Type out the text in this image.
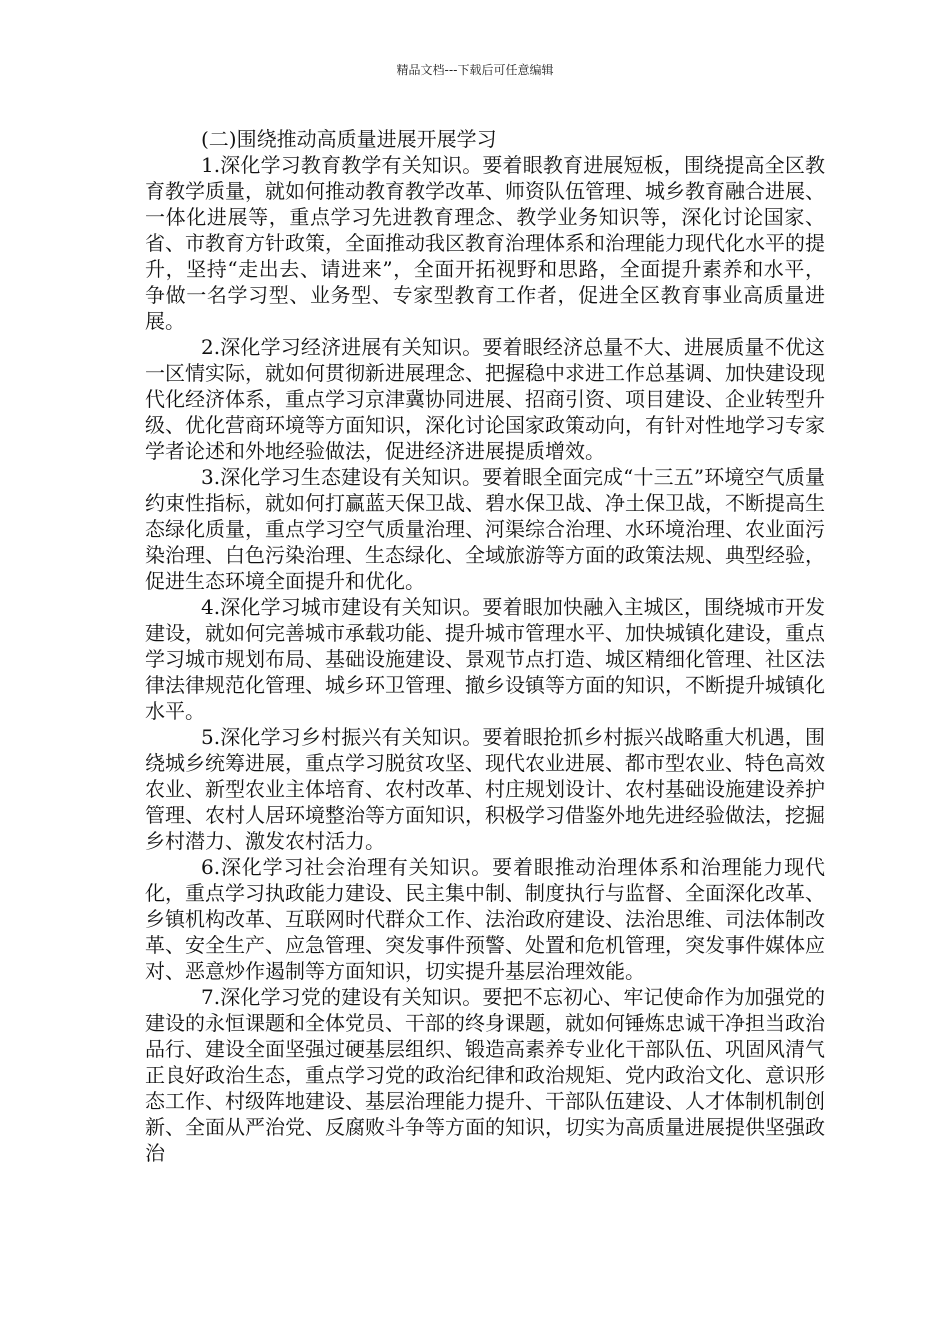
精品文档---下载后可任意编辑

(二)围绕推动高质量进展开展学习

1.深化学习教育教学有关知识。要着眼教育进展短板，围绕提高全区教育教学质量，就如何推动教育教学改革、师资队伍管理、城乡教育融合进展、一体化进展等，重点学习先进教育理念、教学业务知识等，深化讨论国家、省、市教育方针政策，全面推动我区教育治理体系和治理能力现代化水平的提升，坚持“走出去、请进来”，全面开拓视野和思路，全面提升素养和水平，争做一名学习型、业务型、专家型教育工作者，促进全区教育事业高质量进展。

2.深化学习经济进展有关知识。要着眼经济总量不大、进展质量不优这一区情实际，就如何贯彻新进展理念、把握稳中求进工作总基调、加快建设现代化经济体系，重点学习京津冀协同进展、招商引资、项目建设、企业转型升级、优化营商环境等方面知识，深化讨论国家政策动向，有针对性地学习专家学者论述和外地经验做法，促进经济进展提质增效。

3.深化学习生态建设有关知识。要着眼全面完成“十三五”环境空气质量约束性指标，就如何打赢蓝天保卫战、碧水保卫战、净土保卫战，不断提高生态绿化质量，重点学习空气质量治理、河渠综合治理、水环境治理、农业面污染治理、白色污染治理、生态绿化、全域旅游等方面的政策法规、典型经验，促进生态环境全面提升和优化。

4.深化学习城市建设有关知识。要着眼加快融入主城区，围绕城市开发建设，就如何完善城市承载功能、提升城市管理水平、加快城镇化建设，重点学习城市规划布局、基础设施建设、景观节点打造、城区精细化管理、社区法律法律规范化管理、城乡环卫管理、撤乡设镇等方面的知识，不断提升城镇化水平。

5.深化学习乡村振兴有关知识。要着眼抢抓乡村振兴战略重大机遇，围绕城乡统筹进展，重点学习脱贫攻坚、现代农业进展、都市型农业、特色高效农业、新型农业主体培育、农村改革、村庄规划设计、农村基础设施建设养护管理、农村人居环境整治等方面知识，积极学习借鉴外地先进经验做法，挖掘乡村潜力、激发农村活力。

6.深化学习社会治理有关知识。要着眼推动治理体系和治理能力现代化，重点学习执政能力建设、民主集中制、制度执行与监督、全面深化改革、乡镇机构改革、互联网时代群众工作、法治政府建设、法治思维、司法体制改革、安全生产、应急管理、突发事件预警、处置和危机管理，突发事件媒体应对、恶意炒作遏制等方面知识，切实提升基层治理效能。

7.深化学习党的建设有关知识。要把不忘初心、牢记使命作为加强党的建设的永恒课题和全体党员、干部的终身课题，就如何锤炼忠诚干净担当政治品行、建设全面坚强过硬基层组织、锻造高素养专业化干部队伍、巩固风清气正良好政治生态，重点学习党的政治纪律和政治规矩、党内政治文化、意识形态工作、村级阵地建设、基层治理能力提升、干部队伍建设、人才体制机制创新、全面从严治党、反腐败斗争等方面的知识，切实为高质量进展提供坚强政治
